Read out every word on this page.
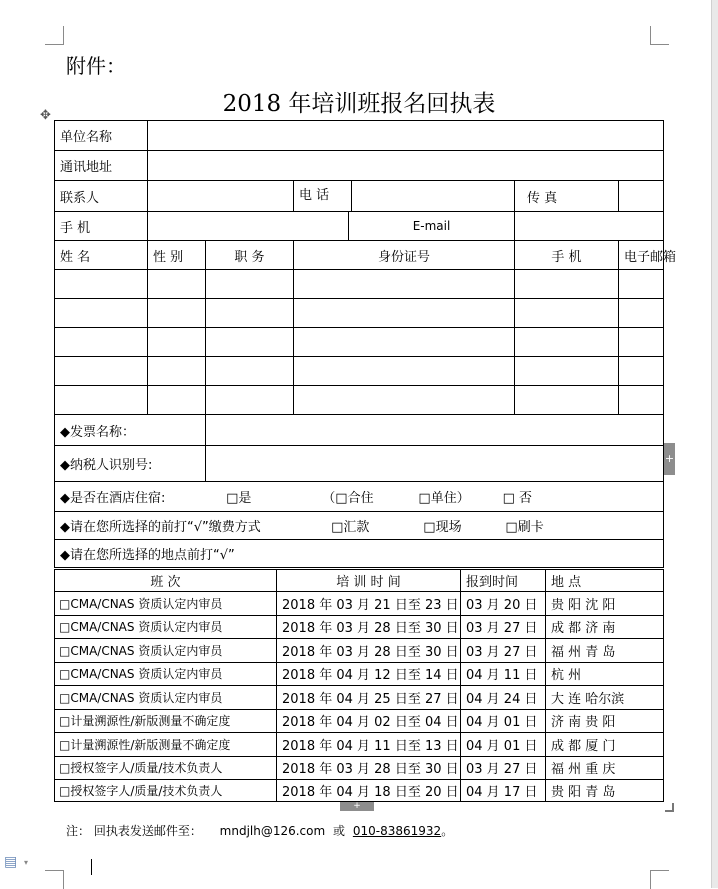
附件：
2018 年培训班报名回执表
✥
单位名称						
通讯地址						
联系人			电 话		传 真	
手 机				E-mail		
姓 名	性 别	职 务	身份证号		手 机	电子邮箱

◆发票名称：						
◆纳税人识别号:						
◆是否在酒店住宿: □是 （□合住 □单住） □ 否						
◆请在您所选择的前打“√”缴费方式 □汇款 □现场 □刷卡						
◆请在您所选择的地点前打“√”						
班 次	培 训 时 间	报到时间	地 点
□CMA/CNAS 资质认定内审员	2018 年 03 月 21 日至 23 日	03 月 20 日	贵 阳 沈 阳
□CMA/CNAS 资质认定内审员	2018 年 03 月 28 日至 30 日	03 月 27 日	成 都 济 南
□CMA/CNAS 资质认定内审员	2018 年 03 月 28 日至 30 日	03 月 27 日	福 州 青 岛
□CMA/CNAS 资质认定内审员	2018 年 04 月 12 日至 14 日	04 月 11 日	杭 州
□CMA/CNAS 资质认定内审员	2018 年 04 月 25 日至 27 日	04 月 24 日	大 连 哈尔滨
□计量溯源性/新版测量不确定度	2018 年 04 月 02 日至 04 日	04 月 01 日	济 南 贵 阳
□计量溯源性/新版测量不确定度	2018 年 04 月 11 日至 13 日	04 月 01 日	成 都 厦 门
□授权签字人/质量/技术负责人	2018 年 03 月 28 日至 30 日	03 月 27 日	福 州 重 庆
□授权签字人/质量/技术负责人	2018 年 04 月 18 日至 20 日	04 月 17 日	贵 阳 青 岛
+
+
注： 回执表发送邮件至： mndjlh@126.com 或 010-83861932。
▤ ▾
